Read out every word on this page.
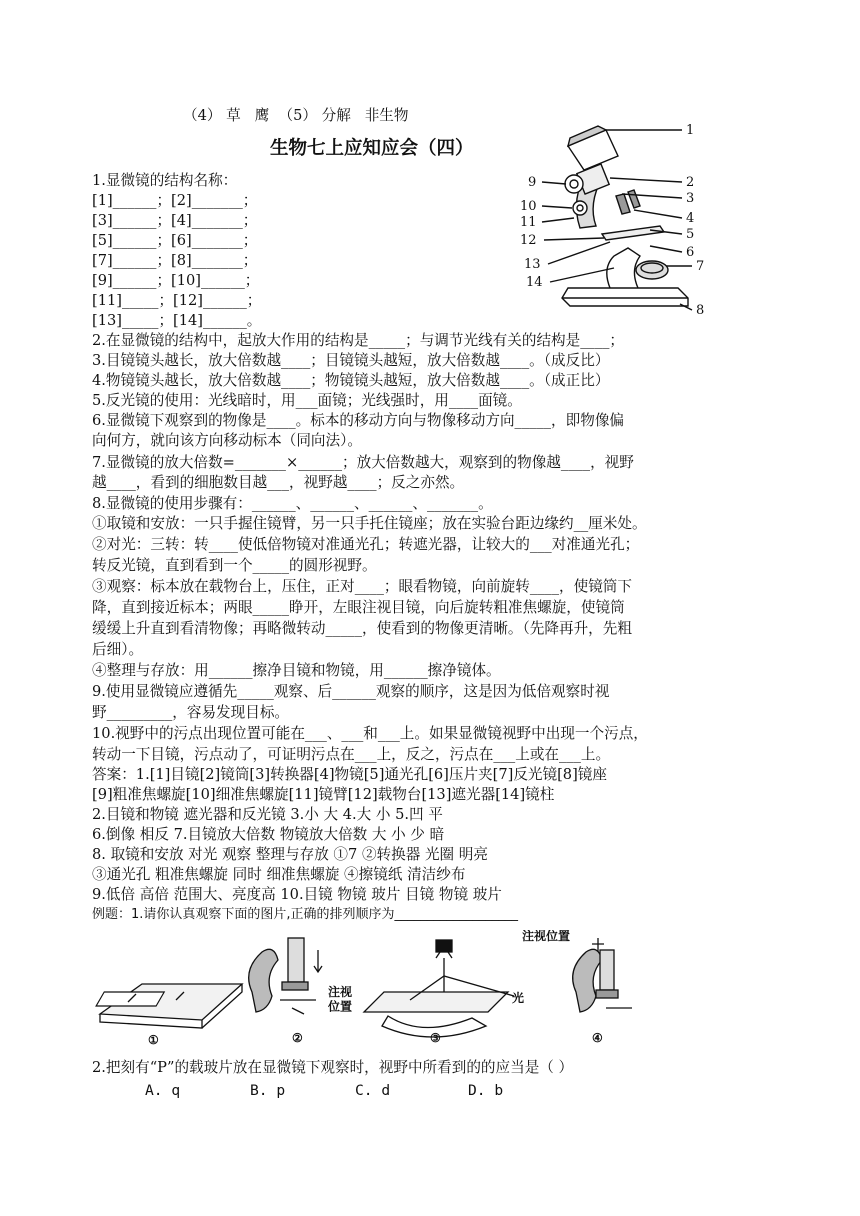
（4） 草   鹰  （5） 分解   非生物
生物七上应知应会（四）
1.显微镜的结构名称：
[1]______；[2]_______；
[3]______；[4]_______；
[5]______；[6]_______；
[7]______；[8]_______；
[9]______；[10]______；
[11]_____；[12]______；
[13]_____；[14]______。
2.在显微镜的结构中，起放大作用的结构是_____；与调节光线有关的结构是____；
3.目镜镜头越长，放大倍数越____；目镜镜头越短，放大倍数越____。（成反比）
4.物镜镜头越长，放大倍数越____；物镜镜头越短，放大倍数越____。（成正比）
5.反光镜的使用：光线暗时，用___面镜；光线强时，用____面镜。
6.显微镜下观察到的物像是____。标本的移动方向与物像移动方向_____，即物像偏
向何方，就向该方向移动标本（同向法）。
7.显微镜的放大倍数=_______×______；放大倍数越大，观察到的物像越____，视野
越____，看到的细胞数目越___，视野越____；反之亦然。
8.显微镜的使用步骤有：______、______、______、_______。
①取镜和安放：一只手握住镜臂，另一只手托住镜座；放在实验台距边缘约__厘米处。
②对光：三转：转____使低倍物镜对准通光孔；转遮光器，让较大的___对准通光孔；
转反光镜，直到看到一个_____的圆形视野。
③观察：标本放在载物台上，压住，正对____；眼看物镜，向前旋转____，使镜筒下
降，直到接近标本；两眼_____睁开，左眼注视目镜，向后旋转粗准焦螺旋，使镜筒
缓缓上升直到看清物像；再略微转动_____，使看到的物像更清晰。（先降再升，先粗
后细）。
④整理与存放：用______擦净目镜和物镜，用______擦净镜体。
9.使用显微镜应遵循先_____观察、后______观察的顺序，这是因为低倍观察时视
野_________，容易发现目标。
10.视野中的污点出现位置可能在___、___和___上。如果显微镜视野中出现一个污点，
转动一下目镜，污点动了，可证明污点在___上，反之，污点在___上或在___上。
答案：1.[1]目镜[2]镜筒[3]转换器[4]物镜[5]通光孔[6]压片夹[7]反光镜[8]镜座
[9]粗准焦螺旋[10]细准焦螺旋[11]镜臂[12]载物台[13]遮光器[14]镜柱
2.目镜和物镜 遮光器和反光镜 3.小 大 4.大 小 5.凹 平
6.倒像 相反 7.目镜放大倍数 物镜放大倍数 大 小 少 暗
8. 取镜和安放 对光 观察 整理与存放 ①7 ②转换器 光圈 明亮
③通光孔 粗准焦螺旋 同时 细准焦螺旋 ④擦镜纸 清洁纱布
9.低倍 高倍 范围大、亮度高 10.目镜 物镜 玻片 目镜 物镜 玻片
例题：1.请你认真观察下面的图片,正确的排列顺序为___________________
1
2
3
4
5
6
7
8
9
10
11
12
13
14
注视位置
光
注视位置
①	②	③	④
2.把刻有“P”的载玻片放在显微镜下观察时，视野中所看到的的应当是（ ）
A. q	B. p	C. d	D. b
